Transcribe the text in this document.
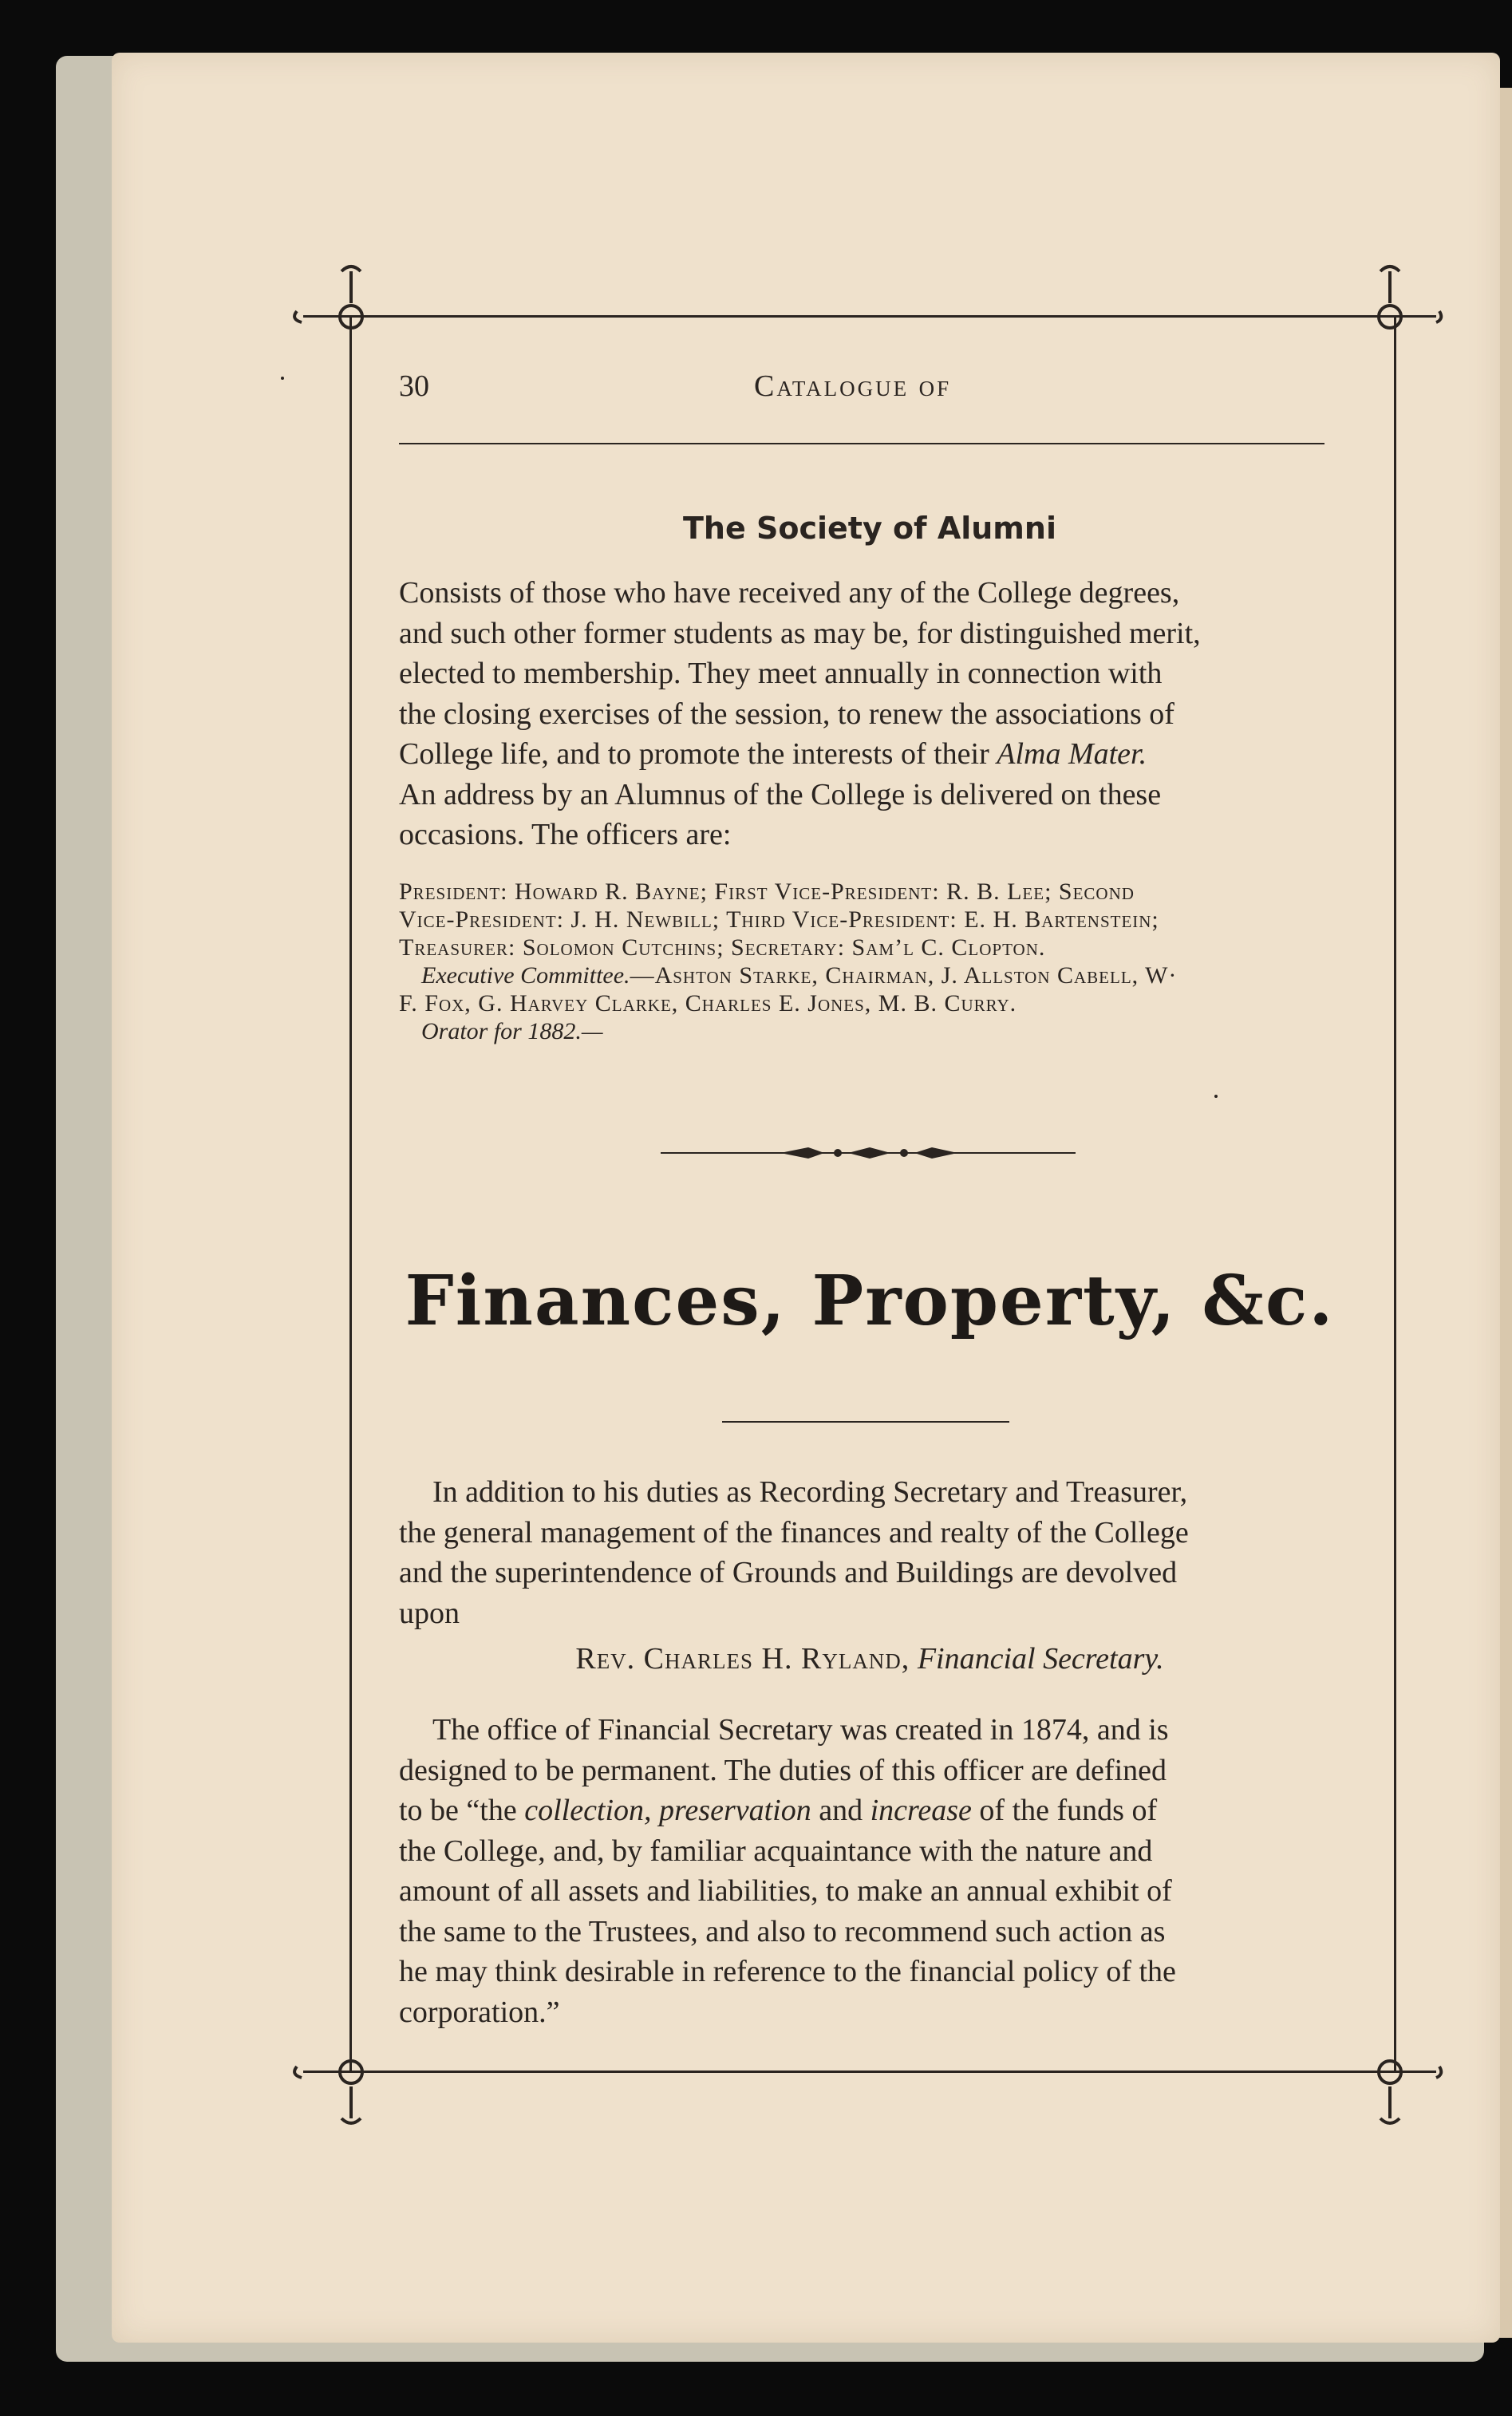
30	Catalogue of
The Society of Alumni

Consists of those who have received any of the College degrees,

and such other former students as may be, for distinguished merit,

elected to membership. They meet annually in connection with

the closing exercises of the session, to renew the associations of

College life, and to promote the interests of their Alma Mater.

An address by an Alumnus of the College is delivered on these

occasions. The officers are:

President: Howard R. Bayne; First Vice-President: R. B. Lee; Second

Vice-President: J. H. Newbill; Third Vice-President: E. H. Bartenstein;

Treasurer: Solomon Cutchins; Secretary: Sam’l C. Clopton.

Executive Committee.—Ashton Starke, Chairman, J. Allston Cabell, W·

F. Fox, G. Harvey Clarke, Charles E. Jones, M. B. Curry.

Orator for 1882.—

Finances, Property, &c.

In addition to his duties as Recording Secretary and Treasurer,

the general management of the finances and realty of the College

and the superintendence of Grounds and Buildings are devolved

upon

Rev. Charles H. Ryland, Financial Secretary.

The office of Financial Secretary was created in 1874, and is

designed to be permanent. The duties of this officer are defined

to be “the collection, preservation and increase of the funds of

the College, and, by familiar acquaintance with the nature and

amount of all assets and liabilities, to make an annual exhibit of

the same to the Trustees, and also to recommend such action as

he may think desirable in reference to the financial policy of the

corporation.”
